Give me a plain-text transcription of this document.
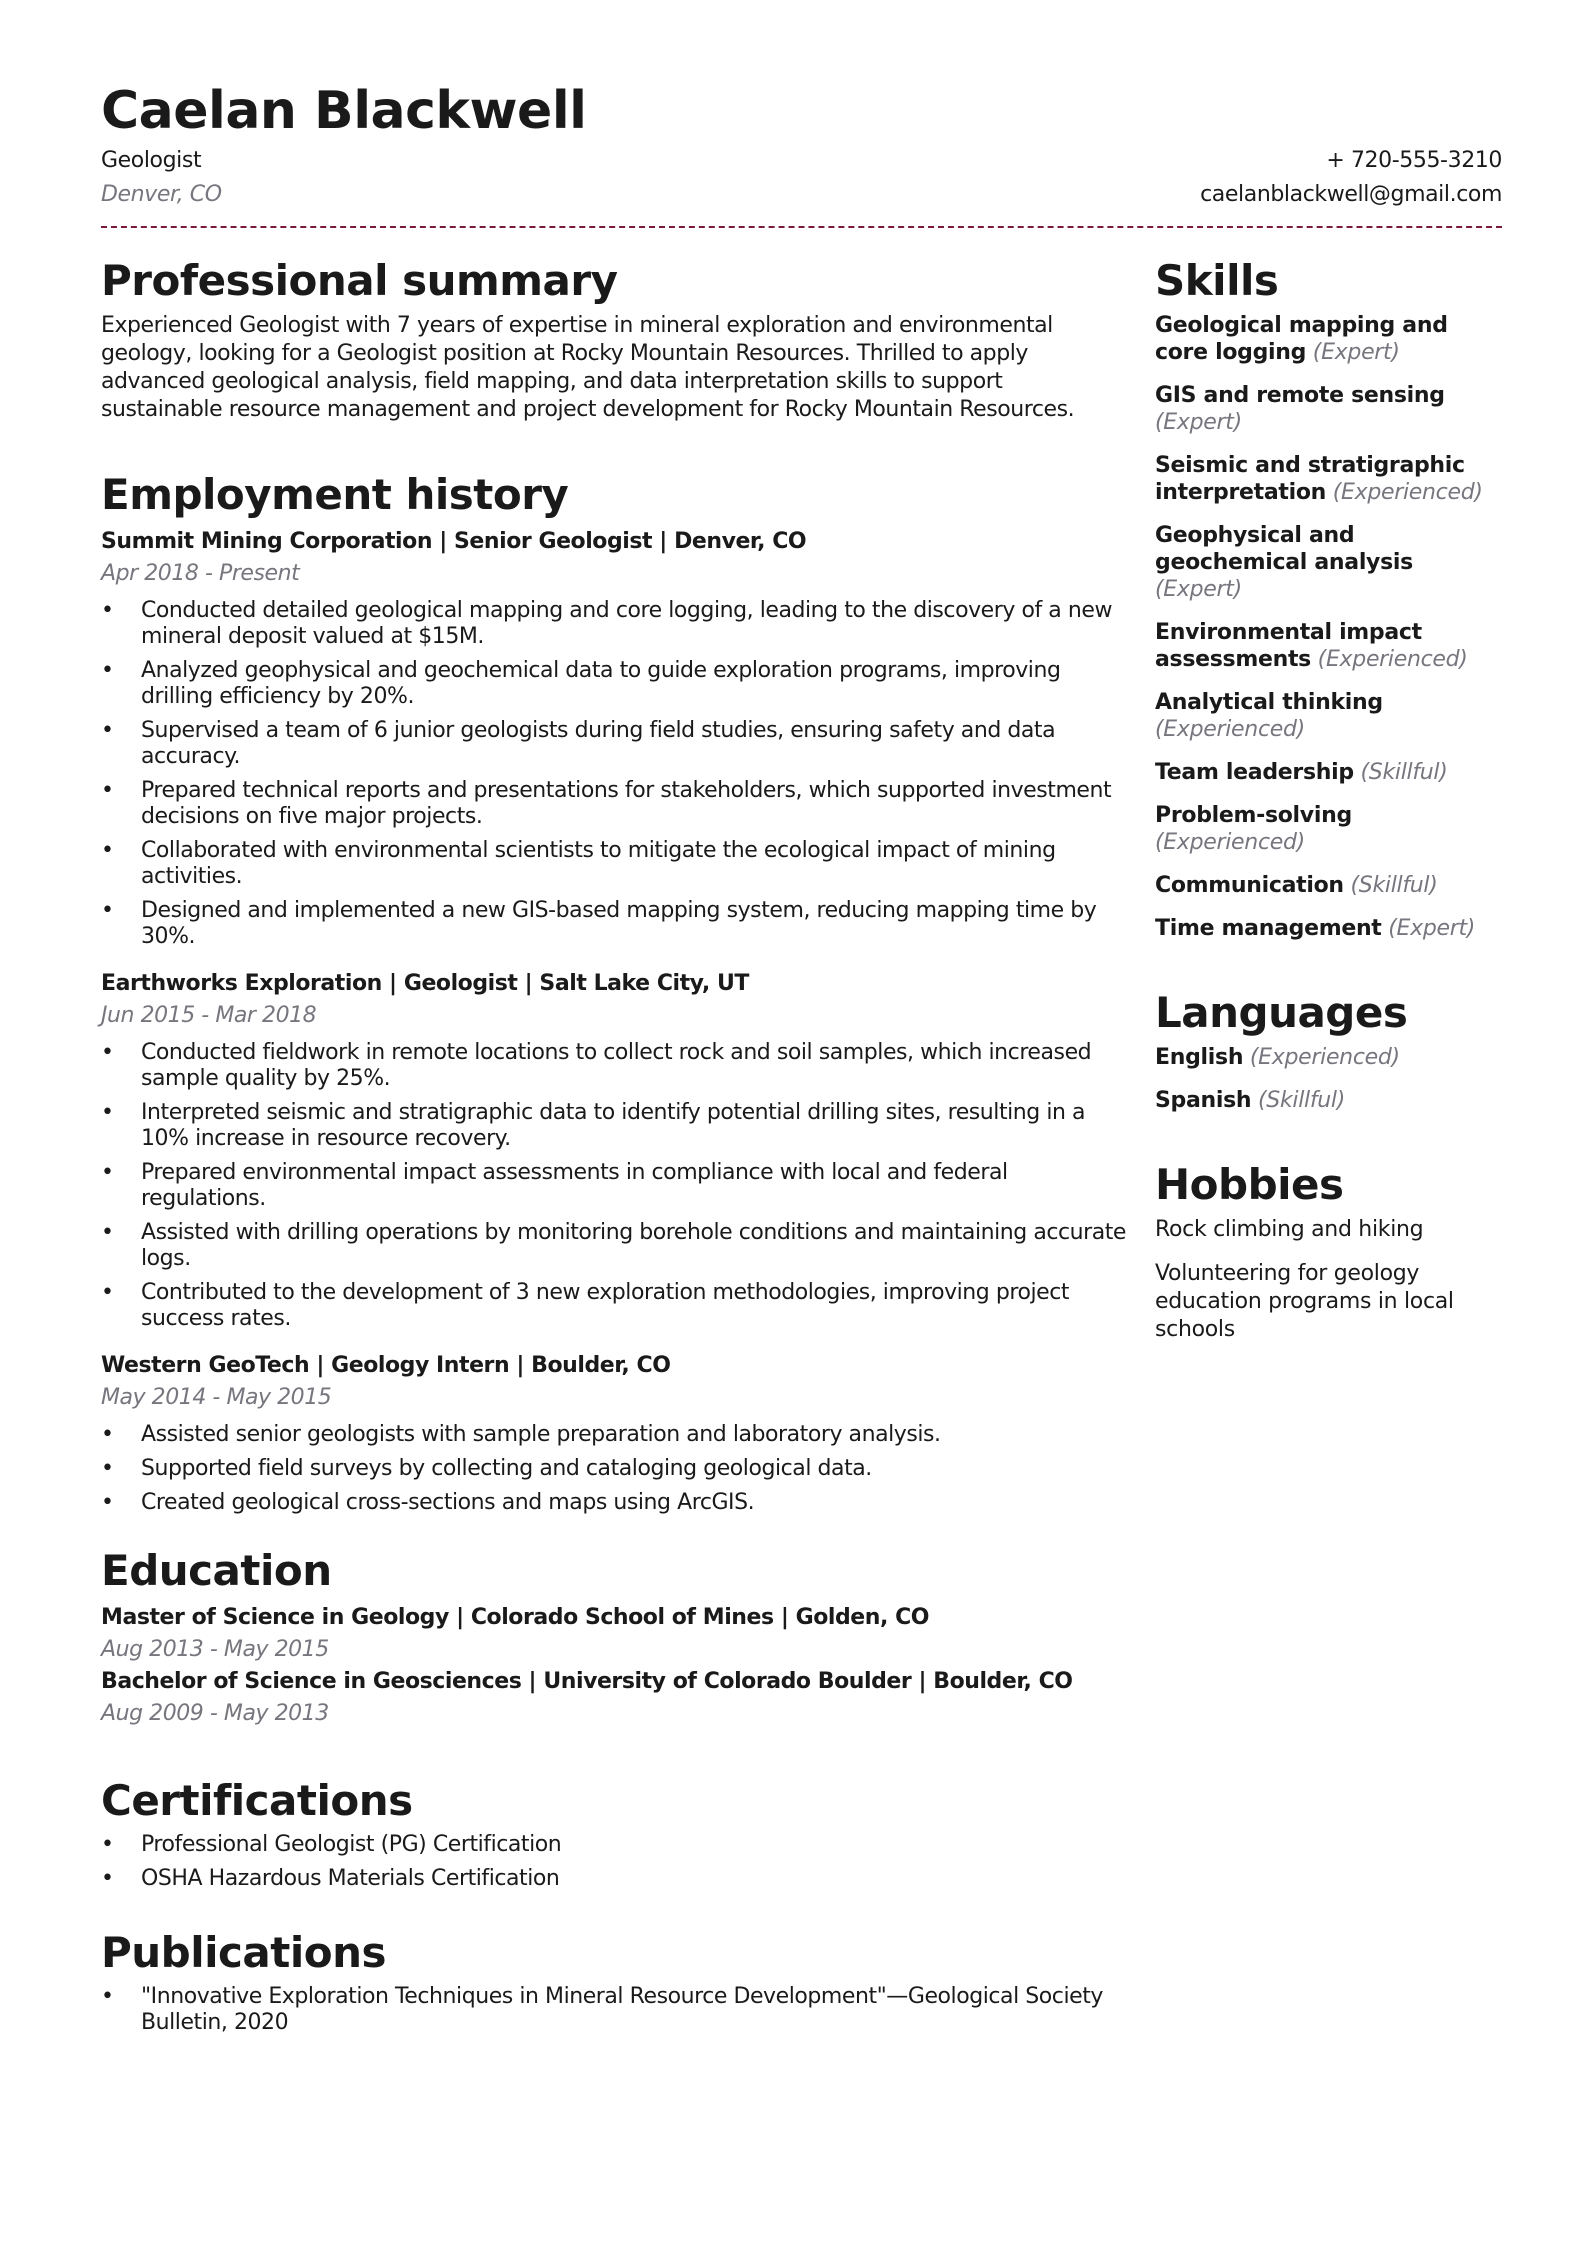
Caelan Blackwell
Geologist
Denver, CO
+ 720-555-3210
caelanblackwell@gmail.com
Professional summary
Experienced Geologist with 7 years of expertise in mineral exploration and environmental geology, looking for a Geologist position at Rocky Mountain Resources. Thrilled to apply advanced geological analysis, field mapping, and data interpretation skills to support sustainable resource management and project development for Rocky Mountain Resources.
Employment history
Summit Mining Corporation | Senior Geologist | Denver, CO
Apr 2018 - Present
• Conducted detailed geological mapping and core logging, leading to the discovery of a new mineral deposit valued at $15M.
• Analyzed geophysical and geochemical data to guide exploration programs, improving drilling efficiency by 20%.
• Supervised a team of 6 junior geologists during field studies, ensuring safety and data accuracy.
• Prepared technical reports and presentations for stakeholders, which supported investment decisions on five major projects.
• Collaborated with environmental scientists to mitigate the ecological impact of mining activities.
• Designed and implemented a new GIS-based mapping system, reducing mapping time by 30%.
Earthworks Exploration | Geologist | Salt Lake City, UT
Jun 2015 - Mar 2018
• Conducted fieldwork in remote locations to collect rock and soil samples, which increased sample quality by 25%.
• Interpreted seismic and stratigraphic data to identify potential drilling sites, resulting in a 10% increase in resource recovery.
• Prepared environmental impact assessments in compliance with local and federal regulations.
• Assisted with drilling operations by monitoring borehole conditions and maintaining accurate logs.
• Contributed to the development of 3 new exploration methodologies, improving project success rates.
Western GeoTech | Geology Intern | Boulder, CO
May 2014 - May 2015
• Assisted senior geologists with sample preparation and laboratory analysis.
• Supported field surveys by collecting and cataloging geological data.
• Created geological cross-sections and maps using ArcGIS.
Education
Master of Science in Geology | Colorado School of Mines | Golden, CO
Aug 2013 - May 2015
Bachelor of Science in Geosciences | University of Colorado Boulder | Boulder, CO
Aug 2009 - May 2013
Certifications
• Professional Geologist (PG) Certification
• OSHA Hazardous Materials Certification
Publications
• "Innovative Exploration Techniques in Mineral Resource Development"—Geological Society Bulletin, 2020
Skills
Geological mapping and core logging (Expert)
GIS and remote sensing (Expert)
Seismic and stratigraphic interpretation (Experienced)
Geophysical and geochemical analysis (Expert)
Environmental impact assessments (Experienced)
Analytical thinking (Experienced)
Team leadership (Skillful)
Problem-solving (Experienced)
Communication (Skillful)
Time management (Expert)
Languages
English (Experienced)
Spanish (Skillful)
Hobbies
Rock climbing and hiking
Volunteering for geology education programs in local schools
